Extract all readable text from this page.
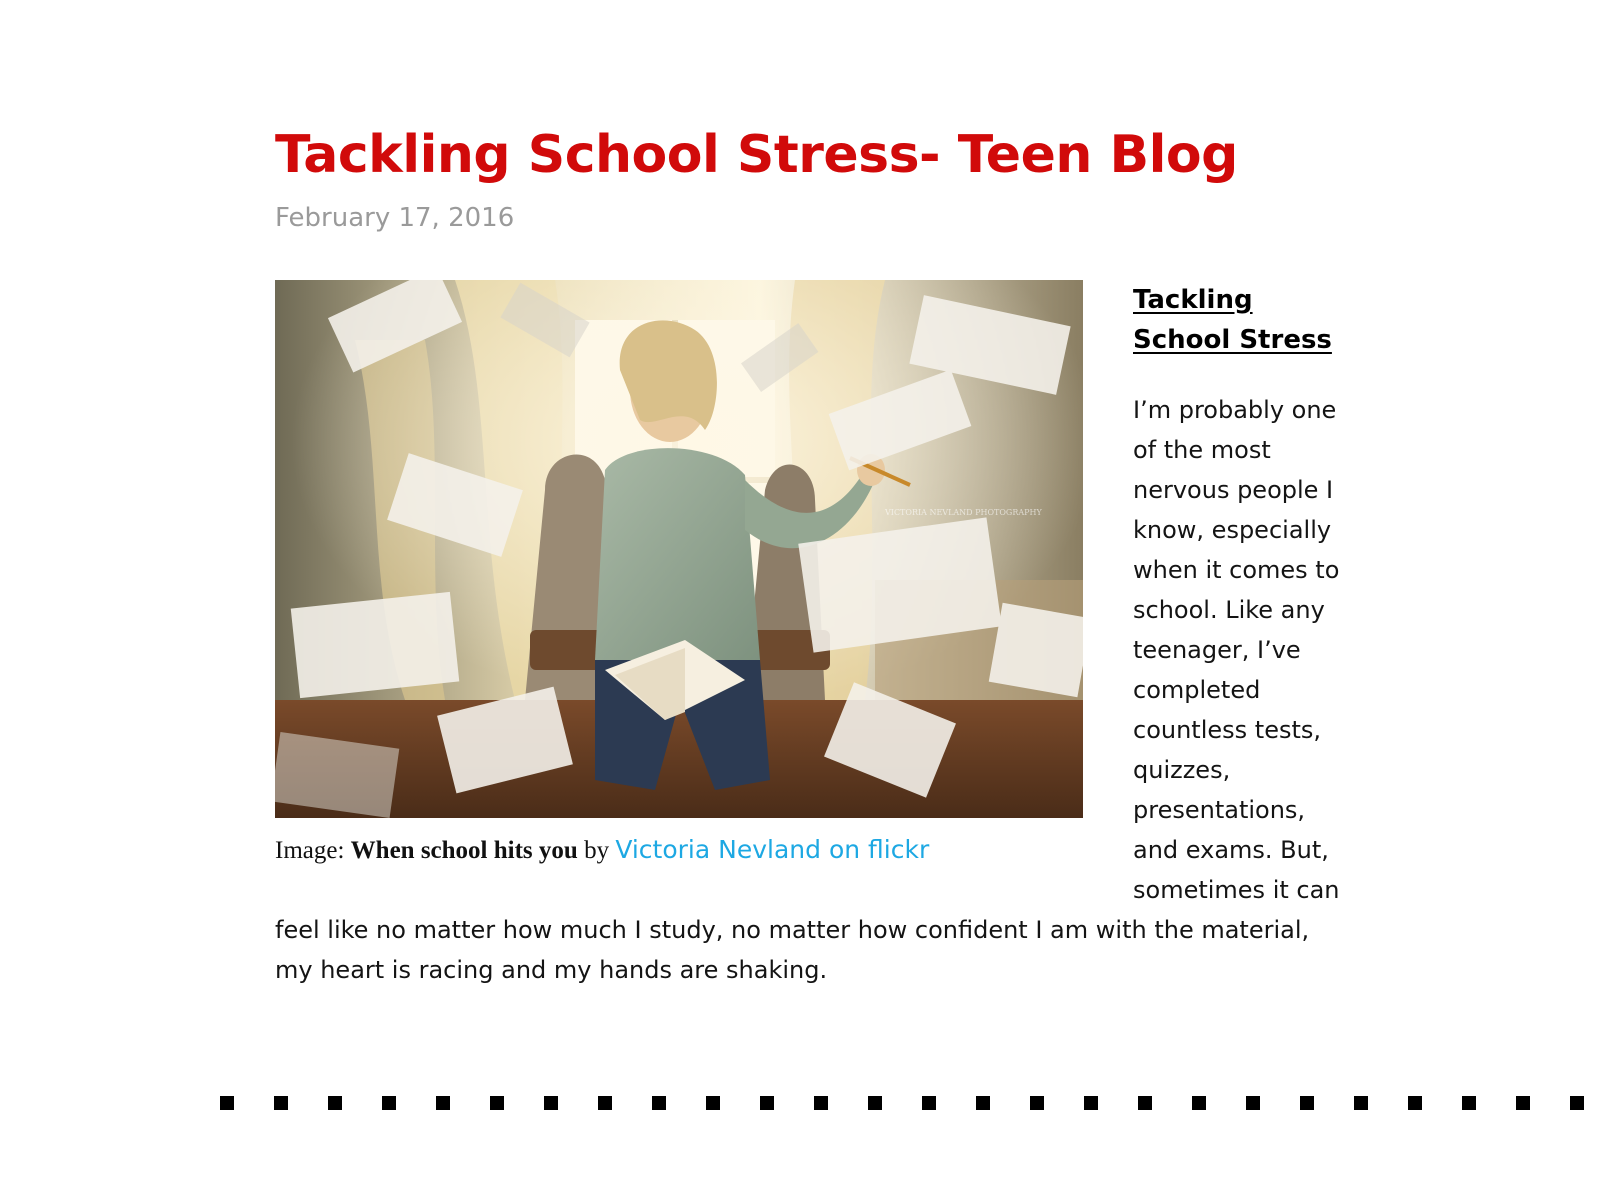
Tackling School Stress- Teen Blog
February 17, 2016
VICTORIA NEVLAND PHOTOGRAPHY
Image: When school hits you by Victoria Nevland on flickr
Tackling School Stress

I’m probably one of the most nervous people I know, especially when it comes to school. Like any teenager, I’ve completed countless tests, quizzes, presentations, and exams. But, sometimes it can feel like no matter how much I study, no matter how confident I am with the material, my heart is racing and my hands are shaking.
